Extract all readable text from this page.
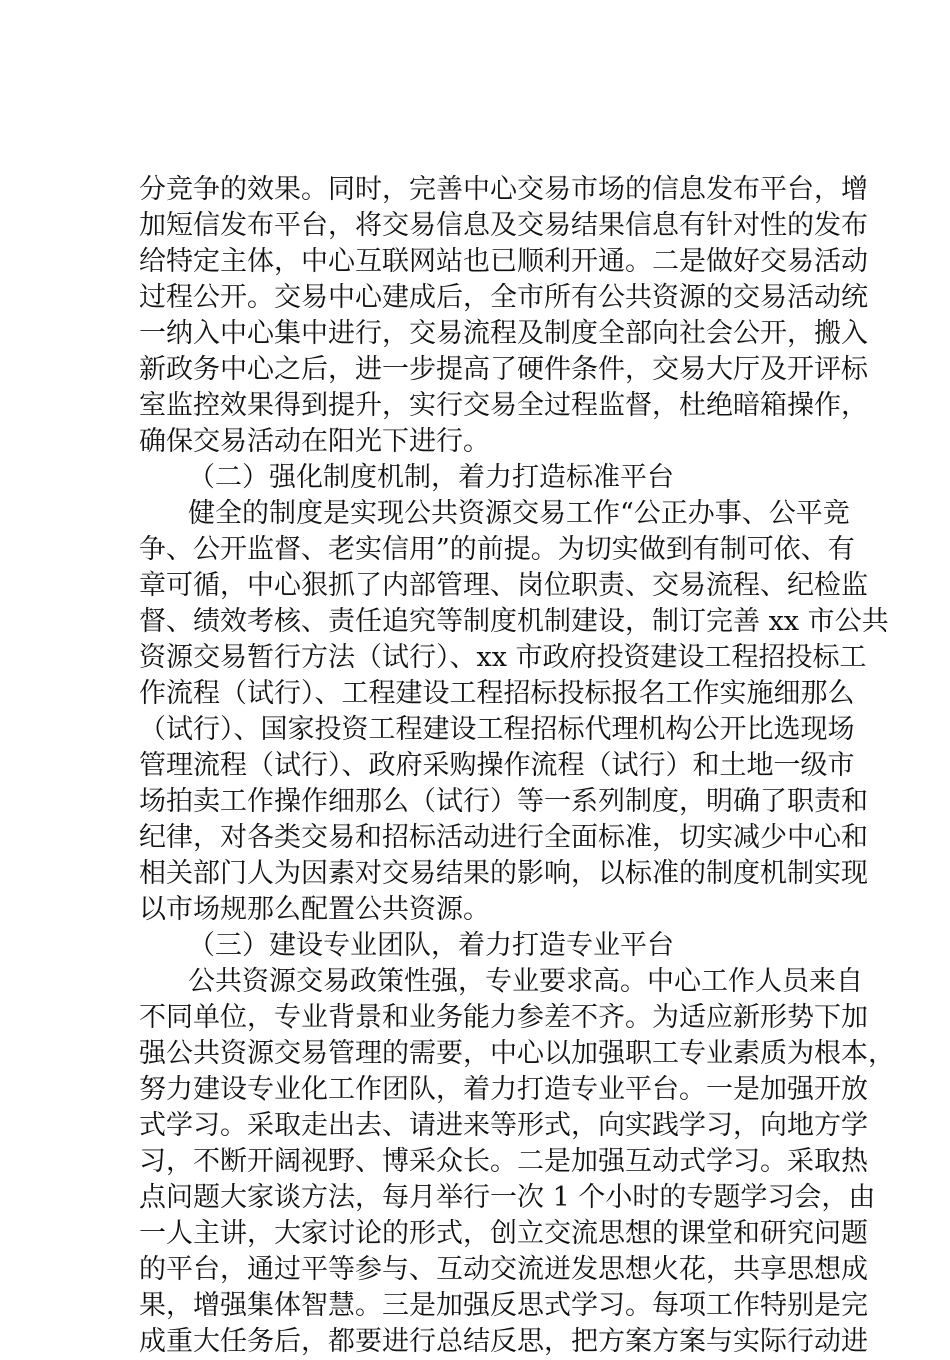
分竞争的效果。同时，完善中心交易市场的信息发布平台，增
加短信发布平台，将交易信息及交易结果信息有针对性的发布
给特定主体，中心互联网站也已顺利开通。二是做好交易活动
过程公开。交易中心建成后，全市所有公共资源的交易活动统
一纳入中心集中进行，交易流程及制度全部向社会公开，搬入
新政务中心之后，进一步提高了硬件条件，交易大厅及开评标
室监控效果得到提升，实行交易全过程监督，杜绝暗箱操作，
确保交易活动在阳光下进行。
（二）强化制度机制，着力打造标准平台
健全的制度是实现公共资源交易工作“公正办事、公平竞
争、公开监督、老实信用”的前提。为切实做到有制可依、有
章可循，中心狠抓了内部管理、岗位职责、交易流程、纪检监
督、绩效考核、责任追究等制度机制建设，制订完善 xx 市公共
资源交易暂行方法（试行）、xx 市政府投资建设工程招投标工
作流程（试行）、工程建设工程招标投标报名工作实施细那么
（试行）、国家投资工程建设工程招标代理机构公开比选现场
管理流程（试行）、政府采购操作流程（试行）和土地一级市
场拍卖工作操作细那么（试行）等一系列制度，明确了职责和
纪律，对各类交易和招标活动进行全面标准，切实减少中心和
相关部门人为因素对交易结果的影响，以标准的制度机制实现
以市场规那么配置公共资源。
（三）建设专业团队，着力打造专业平台
公共资源交易政策性强，专业要求高。中心工作人员来自
不同单位，专业背景和业务能力参差不齐。为适应新形势下加
强公共资源交易管理的需要，中心以加强职工专业素质为根本，
努力建设专业化工作团队，着力打造专业平台。一是加强开放
式学习。采取走出去、请进来等形式，向实践学习，向地方学
习，不断开阔视野、博采众长。二是加强互动式学习。采取热
点问题大家谈方法，每月举行一次 1 个小时的专题学习会，由
一人主讲，大家讨论的形式，创立交流思想的课堂和研究问题
的平台，通过平等参与、互动交流迸发思想火花，共享思想成
果，增强集体智慧。三是加强反思式学习。每项工作特别是完
成重大任务后，都要进行总结反思，把方案方案与实际行动进
